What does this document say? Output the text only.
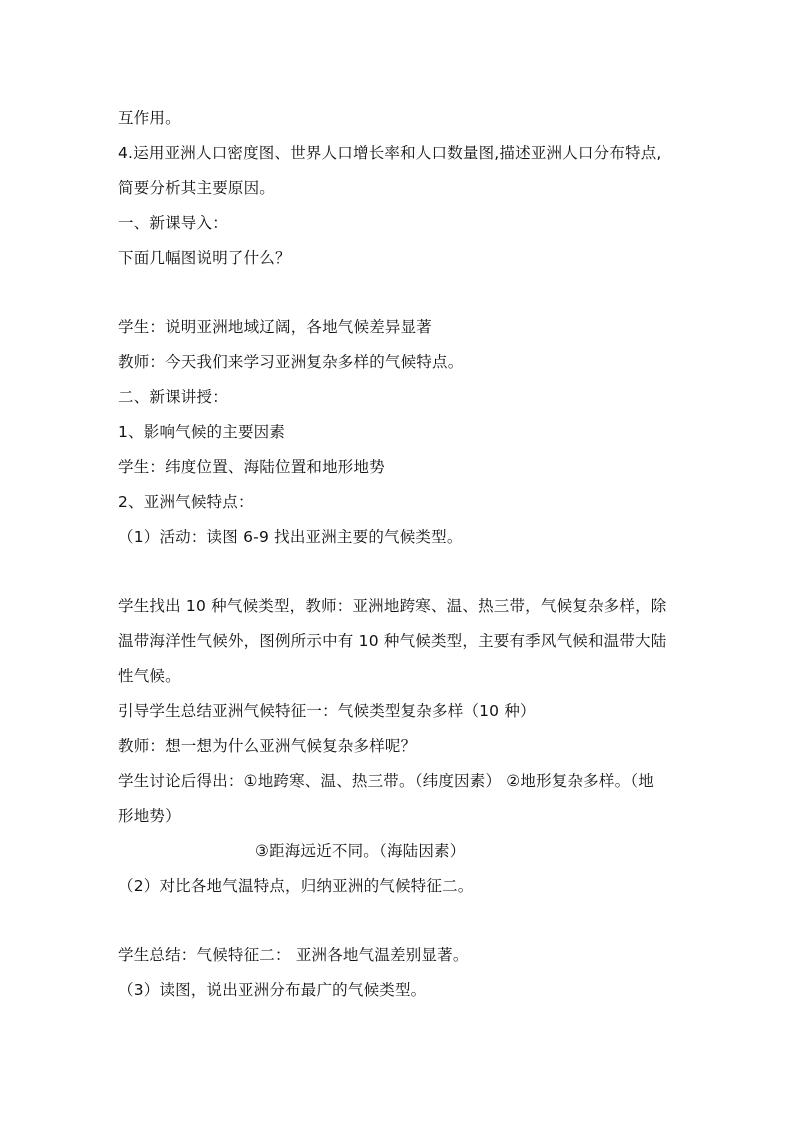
互作用。
4.运用亚洲人口密度图、世界人口增长率和人口数量图,描述亚洲人口分布特点,
简要分析其主要原因。
一、新课导入：
下面几幅图说明了什么？
学生：说明亚洲地域辽阔，各地气候差异显著
教师：今天我们来学习亚洲复杂多样的气候特点。
二、新课讲授：
1、影响气候的主要因素
学生：纬度位置、海陆位置和地形地势
2、亚洲气候特点：
（1）活动：读图 6-9 找出亚洲主要的气候类型。
学生找出 10 种气候类型，教师：亚洲地跨寒、温、热三带，气候复杂多样，除
温带海洋性气候外，图例所示中有 10 种气候类型，主要有季风气候和温带大陆
性气候。
引导学生总结亚洲气候特征一：气候类型复杂多样（10 种）
教师：想一想为什么亚洲气候复杂多样呢？
学生讨论后得出：①地跨寒、温、热三带。（纬度因素） ②地形复杂多样。（地
形地势）
③距海远近不同。（海陆因素）
（2）对比各地气温特点，归纳亚洲的气候特征二。
学生总结：气候特征二： 亚洲各地气温差别显著。
（3）读图，说出亚洲分布最广的气候类型。
